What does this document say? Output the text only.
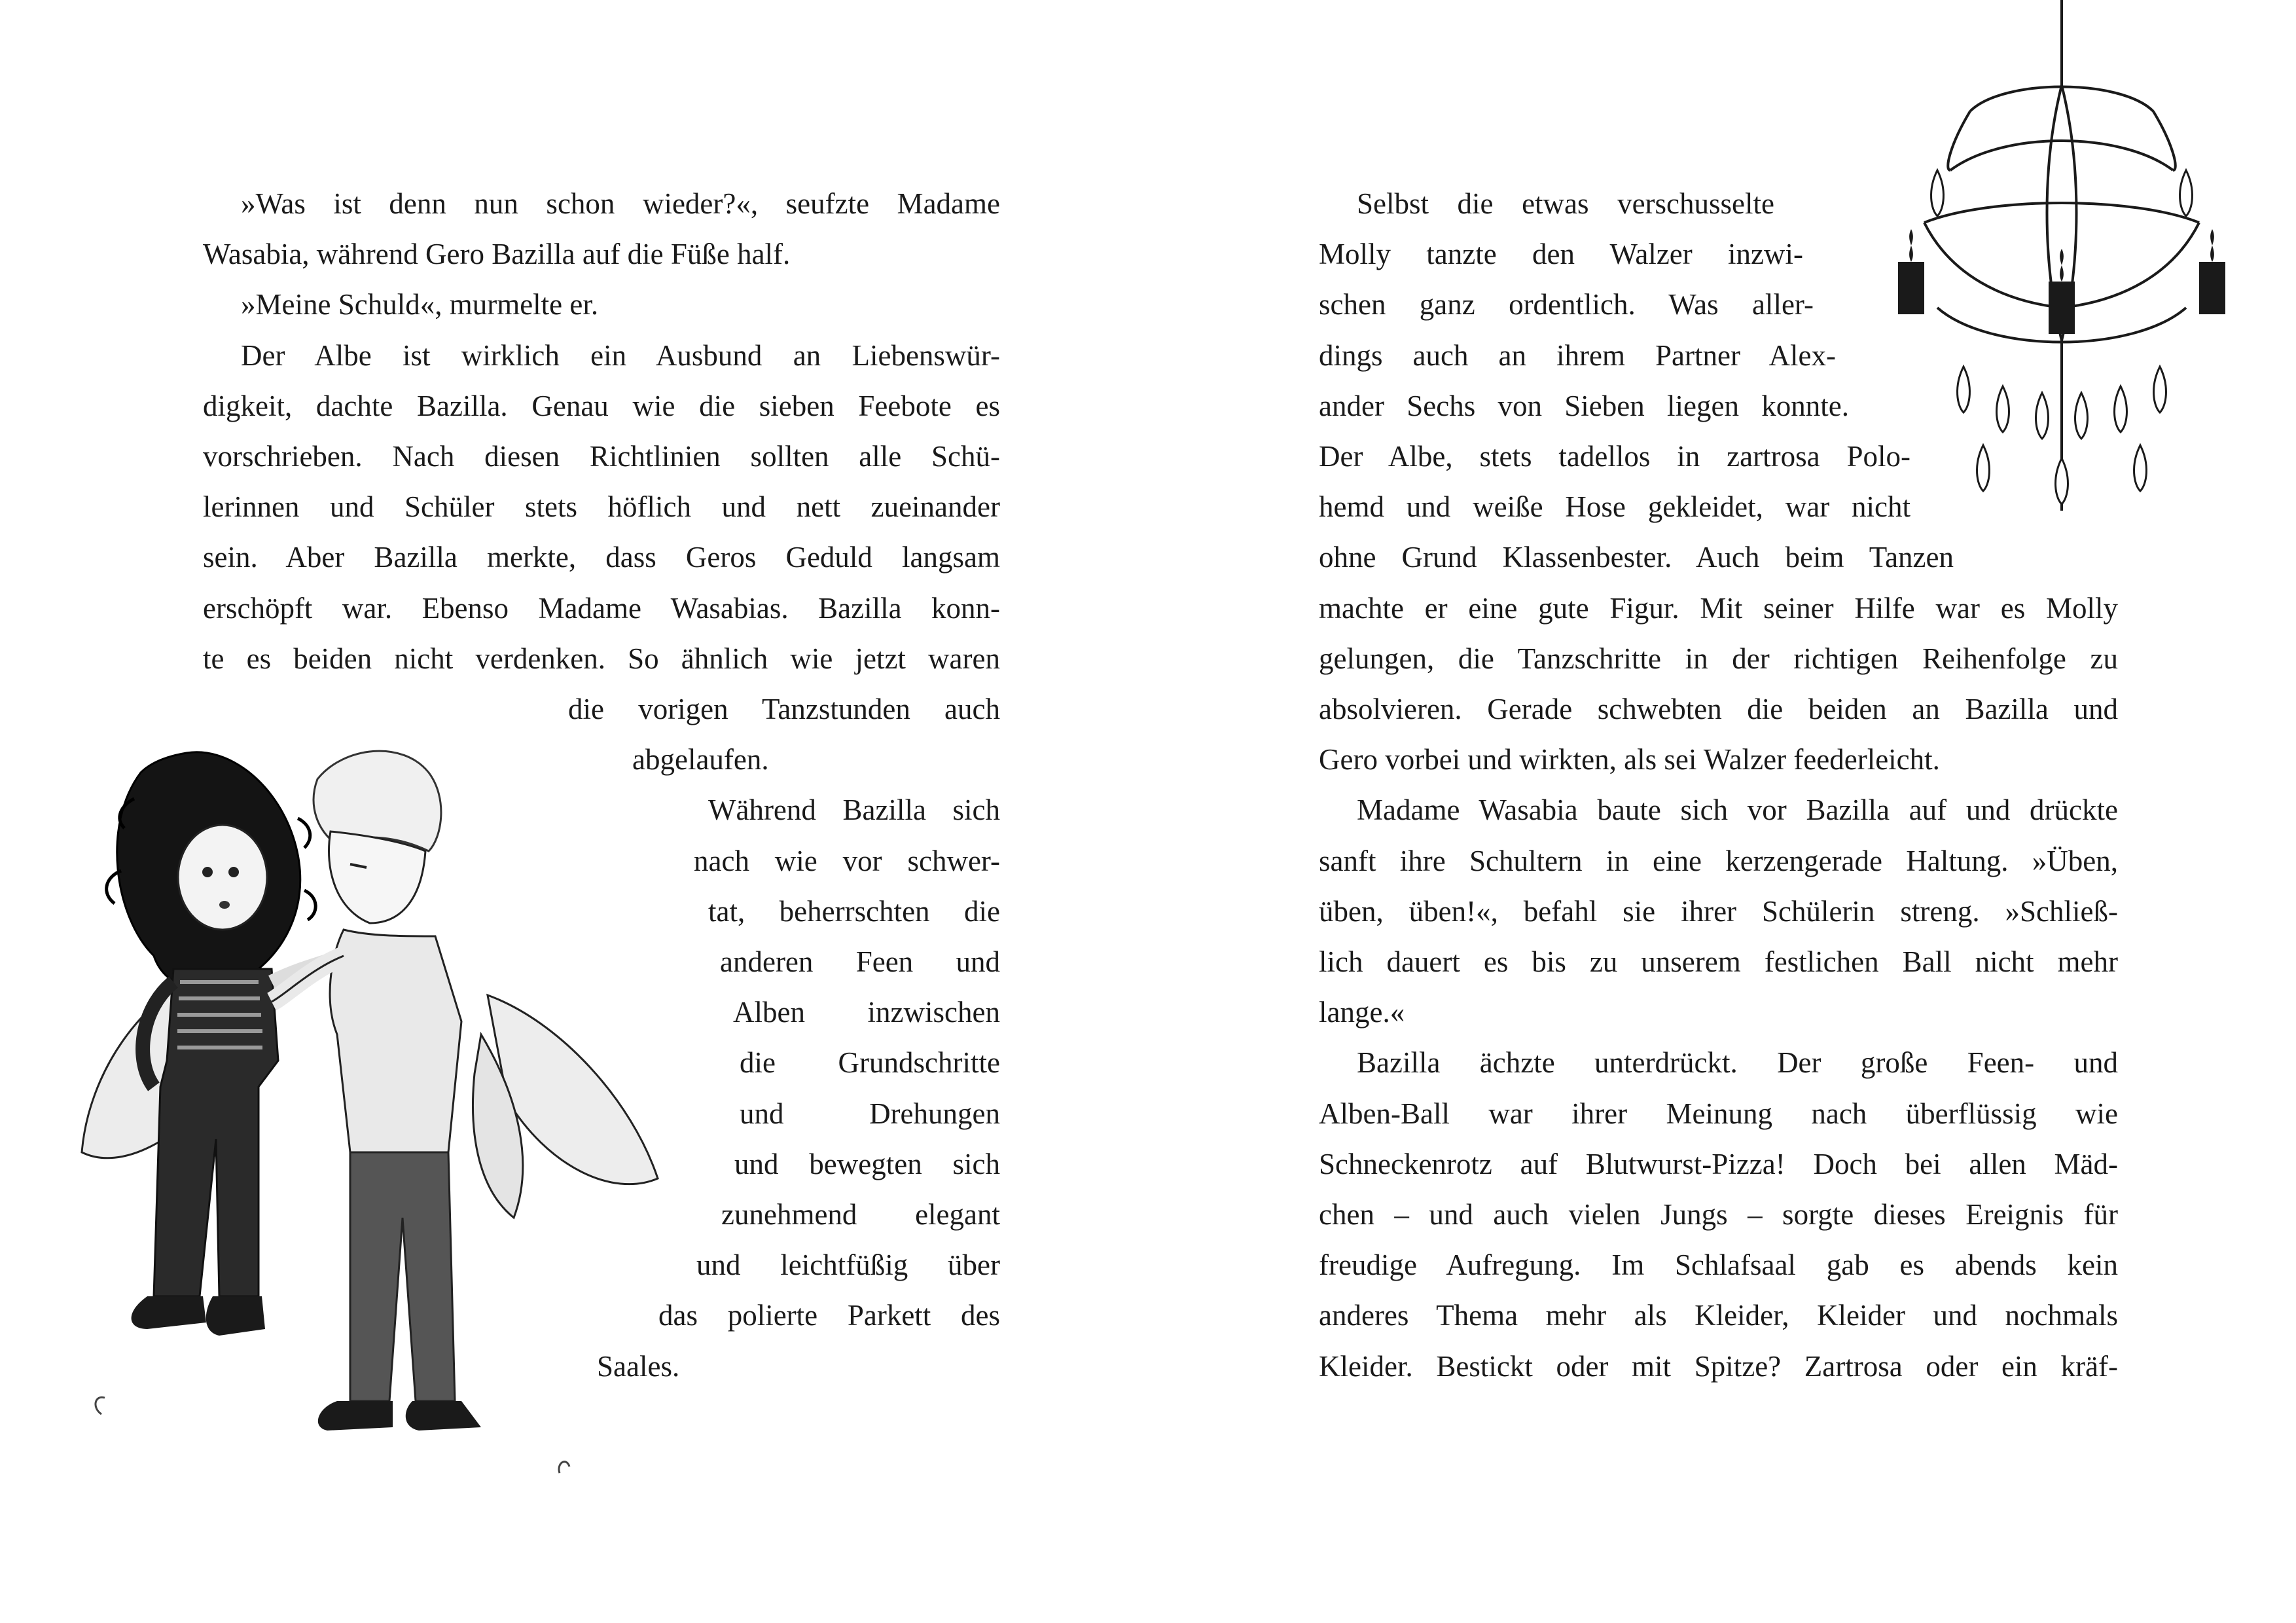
»Was ist denn nun schon wieder?«, seufzte Madame
Wasabia, während Gero Bazilla auf die Füße half.
»Meine Schuld«, murmelte er.
Der Albe ist wirklich ein Ausbund an Liebenswür-
digkeit, dachte Bazilla. Genau wie die sieben Feebote es
vorschrieben. Nach diesen Richtlinien sollten alle Schü-
lerinnen und Schüler stets höflich und nett zueinander
sein. Aber Bazilla merkte, dass Geros Geduld langsam
erschöpft war. Ebenso Madame Wasabias. Bazilla konn-
te es beiden nicht verdenken. So ähnlich wie jetzt waren
die vorigen Tanzstunden auch
abgelaufen.
Während Bazilla sich
nach wie vor schwer-
tat, beherrschten die
anderen Feen und
Alben inzwischen
die Grundschritte
und Drehungen
und bewegten sich
zunehmend elegant
und leichtfüßig über
das polierte Parkett des
Saales.
Selbst die etwas verschusselte
Molly tanzte den Walzer inzwi-
schen ganz ordentlich. Was aller-
dings auch an ihrem Partner Alex-
ander Sechs von Sieben liegen konnte.
Der Albe, stets tadellos in zartrosa Polo-
hemd und weiße Hose gekleidet, war nicht
ohne Grund Klassenbester. Auch beim Tanzen
machte er eine gute Figur. Mit seiner Hilfe war es Molly
gelungen, die Tanzschritte in der richtigen Reihenfolge zu
absolvieren. Gerade schwebten die beiden an Bazilla und
Gero vorbei und wirkten, als sei Walzer feederleicht.
Madame Wasabia baute sich vor Bazilla auf und drückte
sanft ihre Schultern in eine kerzengerade Haltung. »Üben,
üben, üben!«, befahl sie ihrer Schülerin streng. »Schließ-
lich dauert es bis zu unserem festlichen Ball nicht mehr
lange.«
Bazilla ächzte unterdrückt. Der große Feen- und
Alben-Ball war ihrer Meinung nach überflüssig wie
Schneckenrotz auf Blutwurst-Pizza! Doch bei allen Mäd-
chen – und auch vielen Jungs – sorgte dieses Ereignis für
freudige Aufregung. Im Schlafsaal gab es abends kein
anderes Thema mehr als Kleider, Kleider und nochmals
Kleider. Bestickt oder mit Spitze? Zartrosa oder ein kräf-
